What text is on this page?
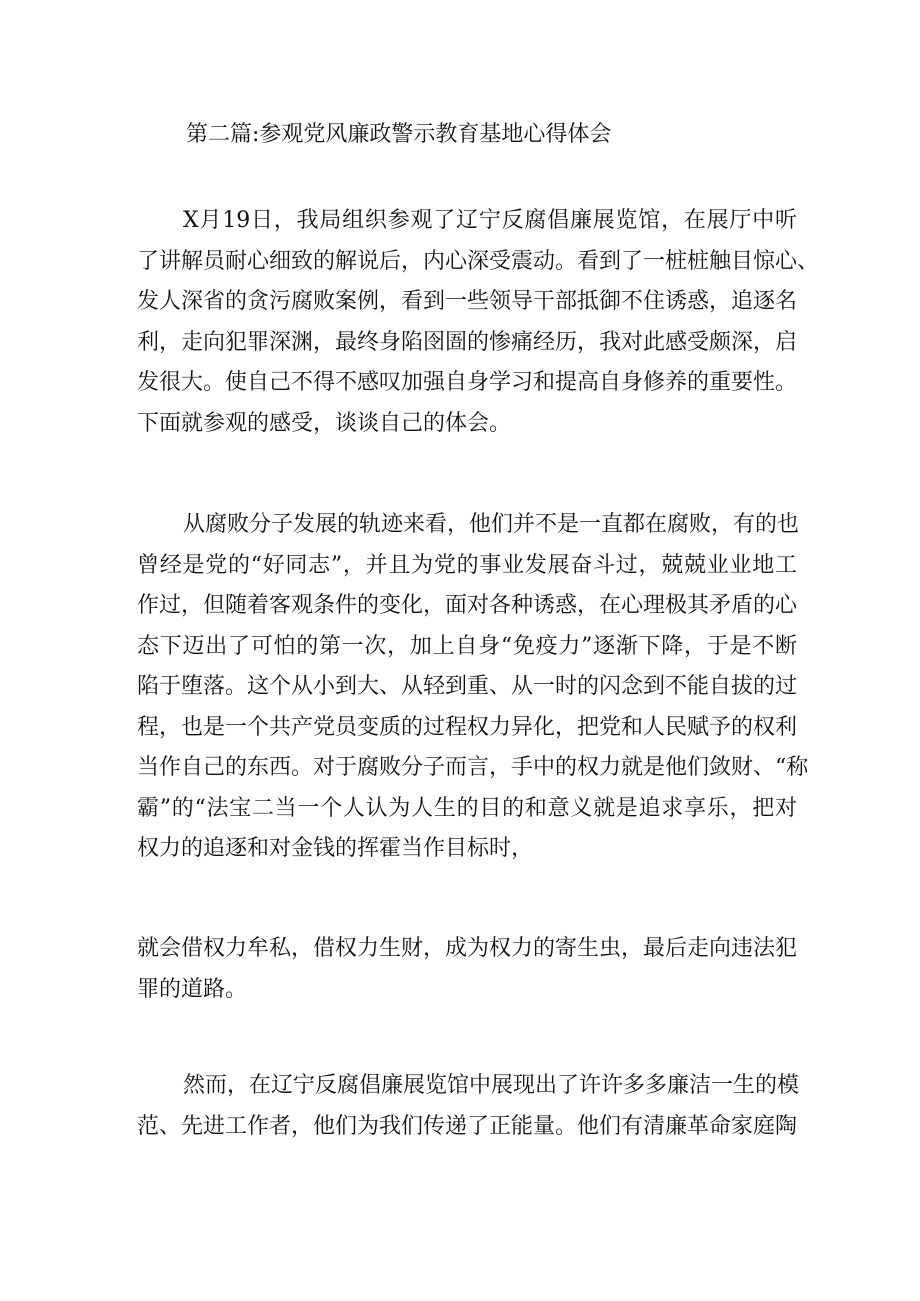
第二篇:参观党风廉政警示教育基地心得体会
X月19日，我局组织参观了辽宁反腐倡廉展览馆，在展厅中听
了讲解员耐心细致的解说后，内心深受震动。看到了一桩桩触目惊心、
发人深省的贪污腐败案例，看到一些领导干部抵御不住诱惑，追逐名
利，走向犯罪深渊，最终身陷囹圄的惨痛经历，我对此感受颇深，启
发很大。使自己不得不感叹加强自身学习和提高自身修养的重要性。
下面就参观的感受，谈谈自己的体会。
从腐败分子发展的轨迹来看，他们并不是一直都在腐败，有的也
曾经是党的“好同志”，并且为党的事业发展奋斗过，兢兢业业地工
作过，但随着客观条件的变化，面对各种诱惑，在心理极其矛盾的心
态下迈出了可怕的第一次，加上自身“免疫力”逐渐下降，于是不断
陷于堕落。这个从小到大、从轻到重、从一时的闪念到不能自拔的过
程，也是一个共产党员变质的过程权力异化，把党和人民赋予的权利
当作自己的东西。对于腐败分子而言，手中的权力就是他们敛财、“称
霸”的“法宝二当一个人认为人生的目的和意义就是追求享乐，把对
权力的追逐和对金钱的挥霍当作目标时，
就会借权力牟私，借权力生财，成为权力的寄生虫，最后走向违法犯
罪的道路。
然而，在辽宁反腐倡廉展览馆中展现出了许许多多廉洁一生的模
范、先进工作者，他们为我们传递了正能量。他们有清廉革命家庭陶
